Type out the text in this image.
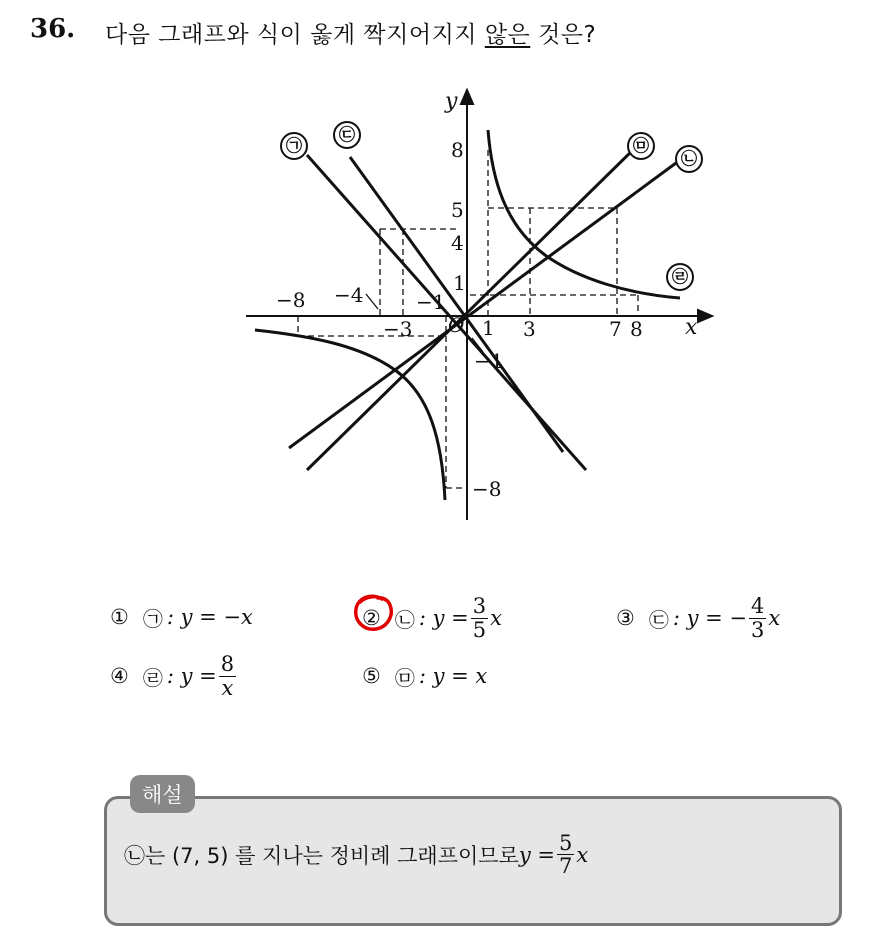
36. 다음 그래프와 식이 옳게 짝지어지지 않은 것은?
㉠
㉢
㉤
㉡
㉣
−8 −4
−3
−1
1 3	7 8
8
5
4
1
−1
−8
O	x
y
① ㉠ : y = −x	② ㉡ : $y = \frac{3}{5}$ x	③ ㉢ : y = − $\frac{4}{3}$ x
④ ㉣ : $y = \frac{8}{x}$	⑤ ㉤ : y = x
해설
㉡는 (7, 5) 를 지나는 정비례 그래프이므로 $y = \frac{5}{7}$ x
